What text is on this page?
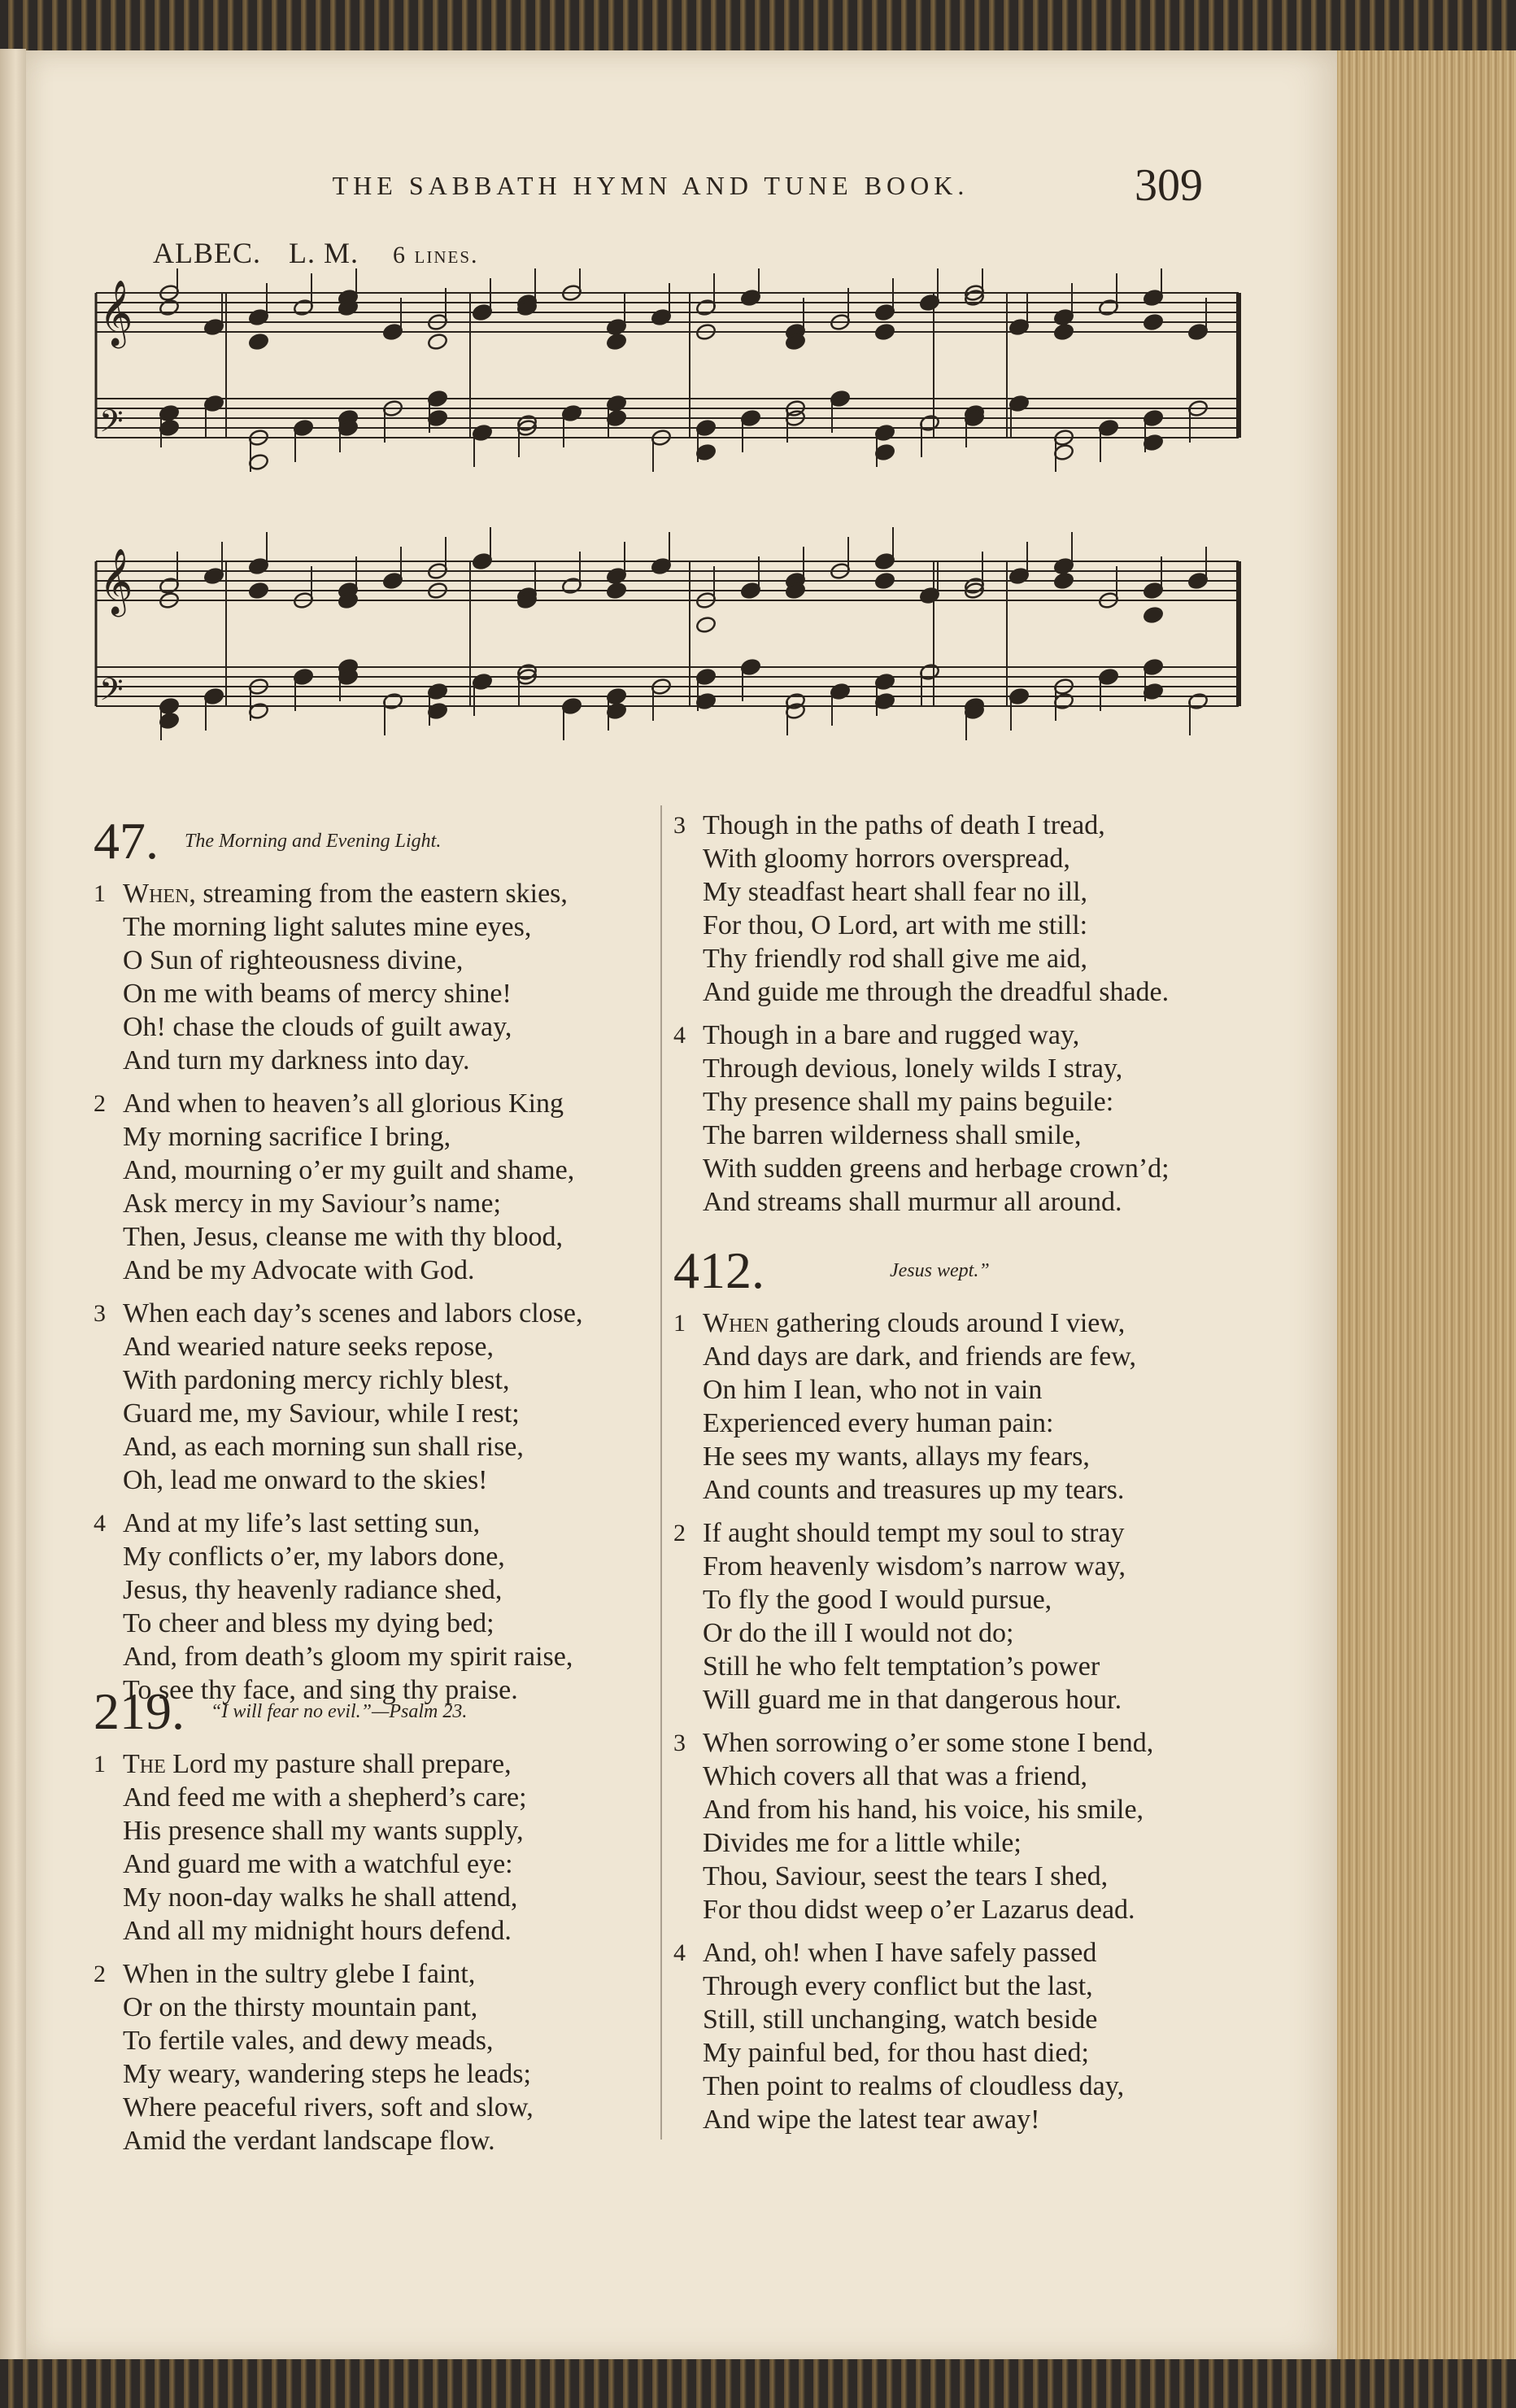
THE SABBATH HYMN AND TUNE BOOK.	309
ALBEC. L. M. 6 lines.
𝄞
𝄢
𝄞
𝄢
47. The Morning and Evening Light.
1 When, streaming from the eastern skies,
The morning light salutes mine eyes,
O Sun of righteousness divine,
On me with beams of mercy shine!
Oh! chase the clouds of guilt away,
And turn my darkness into day.
2 And when to heaven’s all glorious King
My morning sacrifice I bring,
And, mourning o’er my guilt and shame,
Ask mercy in my Saviour’s name;
Then, Jesus, cleanse me with thy blood,
And be my Advocate with God.
3 When each day’s scenes and labors close,
And wearied nature seeks repose,
With pardoning mercy richly blest,
Guard me, my Saviour, while I rest;
And, as each morning sun shall rise,
Oh, lead me onward to the skies!
4 And at my life’s last setting sun,
My conflicts o’er, my labors done,
Jesus, thy heavenly radiance shed,
To cheer and bless my dying bed;
And, from death’s gloom my spirit raise,
To see thy face, and sing thy praise.
219. “I will fear no evil.”—Psalm 23.
1 The Lord my pasture shall prepare,
And feed me with a shepherd’s care;
His presence shall my wants supply,
And guard me with a watchful eye:
My noon-day walks he shall attend,
And all my midnight hours defend.
2 When in the sultry glebe I faint,
Or on the thirsty mountain pant,
To fertile vales, and dewy meads,
My weary, wandering steps he leads;
Where peaceful rivers, soft and slow,
Amid the verdant landscape flow.
3 Though in the paths of death I tread,
With gloomy horrors overspread,
My steadfast heart shall fear no ill,
For thou, O Lord, art with me still:
Thy friendly rod shall give me aid,
And guide me through the dreadful shade.
4 Though in a bare and rugged way,
Through devious, lonely wilds I stray,
Thy presence shall my pains beguile:
The barren wilderness shall smile,
With sudden greens and herbage crown’d;
And streams shall murmur all around.
412.	Jesus wept.”
1 When gathering clouds around I view,
And days are dark, and friends are few,
On him I lean, who not in vain
Experienced every human pain:
He sees my wants, allays my fears,
And counts and treasures up my tears.
2 If aught should tempt my soul to stray
From heavenly wisdom’s narrow way,
To fly the good I would pursue,
Or do the ill I would not do;
Still he who felt temptation’s power
Will guard me in that dangerous hour.
3 When sorrowing o’er some stone I bend,
Which covers all that was a friend,
And from his hand, his voice, his smile,
Divides me for a little while;
Thou, Saviour, seest the tears I shed,
For thou didst weep o’er Lazarus dead.
4 And, oh! when I have safely passed
Through every conflict but the last,
Still, still unchanging, watch beside
My painful bed, for thou hast died;
Then point to realms of cloudless day,
And wipe the latest tear away!
